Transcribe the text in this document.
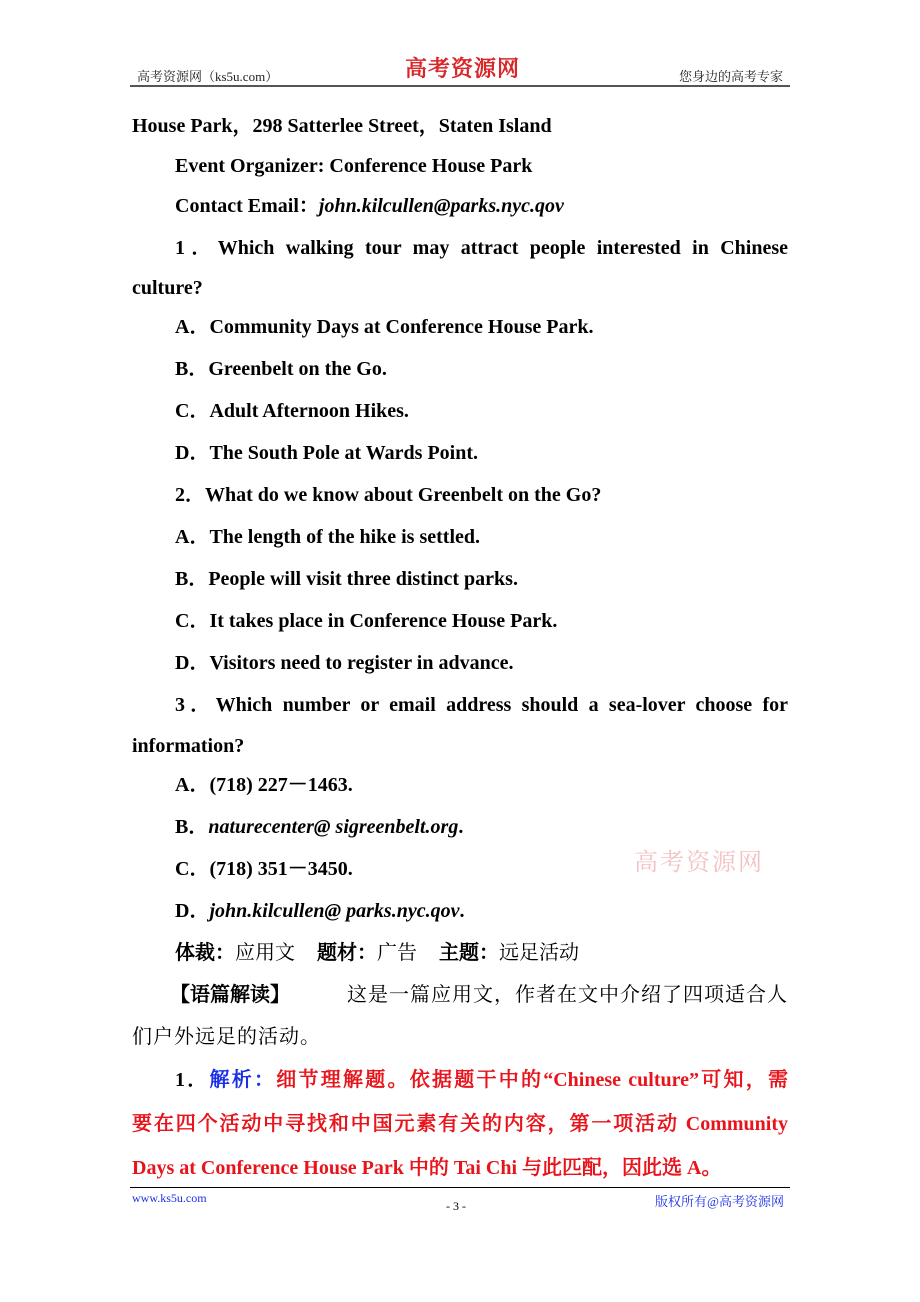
高考资源网（ks5u.com）	高考资源网	您身边的高考专家
House Park，298 Satterlee Street，Staten Island
Event Organizer: Conference House Park
Contact Email：john.kilcullen@parks.nyc.qov
1．Which walking tour may attract people interested in Chinese
culture?
A．Community Days at Conference House Park.
B．Greenbelt on the Go.
C．Adult Afternoon Hikes.
D．The South Pole at Wards Point.
2．What do we know about Greenbelt on the Go?
A．The length of the hike is settled.
B．People will visit three distinct parks.
C．It takes place in Conference House Park.
D．Visitors need to register in advance.
3．Which number or email address should a sea-lover choose for
information?
A．(718) 227－1463.
B．naturecenter@ sigreenbelt.org.
C．(718) 351－3450.
D．john.kilcullen@ parks.nyc.qov.
高考资源网
体裁：应用文 题材：广告 主题：远足活动
【语篇解读】	这是一篇应用文，作者在文中介绍了四项适合人
们户外远足的活动。
1．解析：细节理解题。依据题干中的“Chinese culture”可知，需
要在四个活动中寻找和中国元素有关的内容，第一项活动 Community
Days at Conference House Park 中的 Tai Chi 与此匹配，因此选 A。
www.ks5u.com
- 3 -	版权所有@高考资源网
